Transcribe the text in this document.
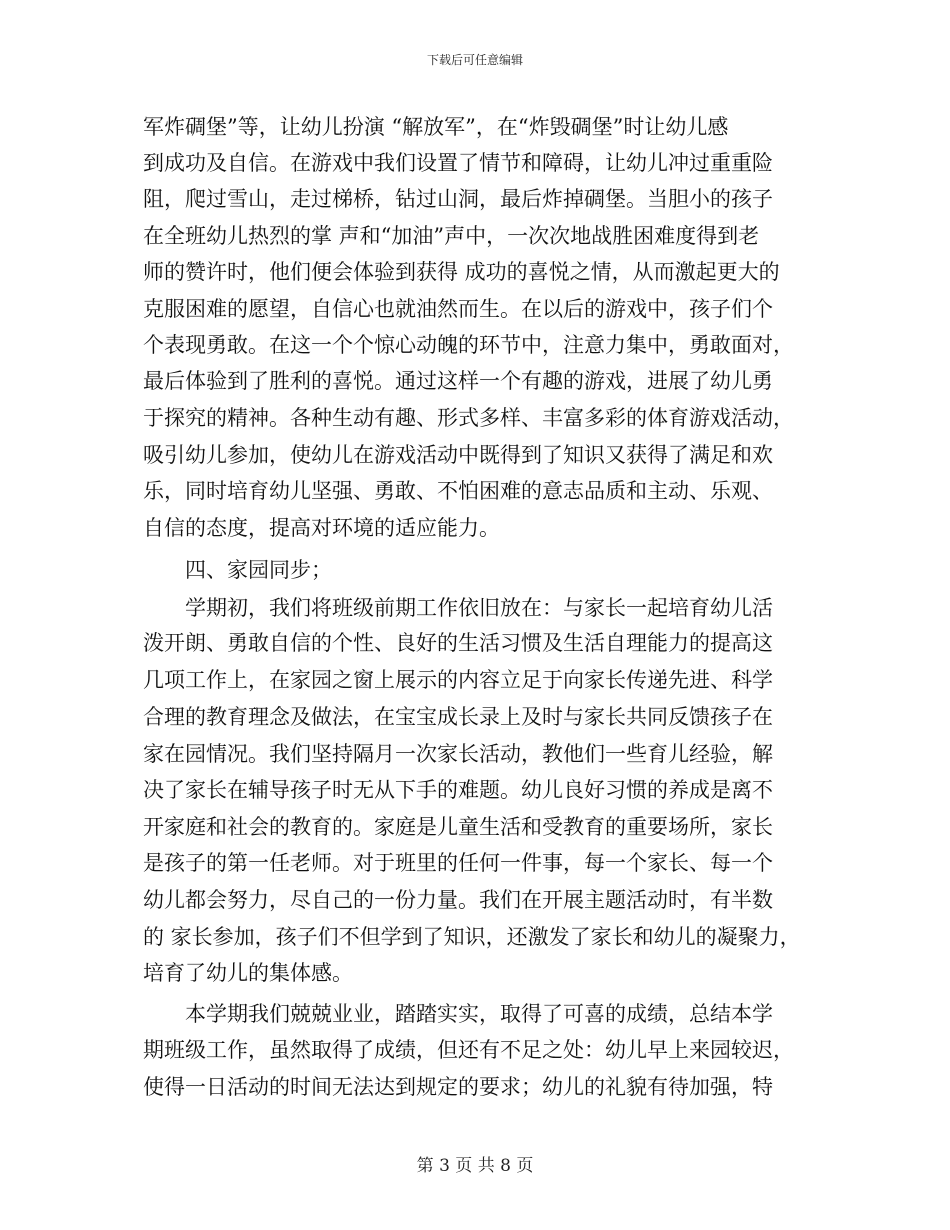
下载后可任意编辑
军炸碉堡”等，让幼儿扮演 “解放军”，在“炸毁碉堡”时让幼儿感
到成功及自信。在游戏中我们设置了情节和障碍，让幼儿冲过重重险
阻，爬过雪山，走过梯桥，钻过山洞，最后炸掉碉堡。当胆小的孩子
在全班幼儿热烈的掌 声和“加油”声中，一次次地战胜困难度得到老
师的赞许时，他们便会体验到获得 成功的喜悦之情，从而激起更大的
克服困难的愿望，自信心也就油然而生。在以后的游戏中，孩子们个
个表现勇敢。在这一个个惊心动魄的环节中，注意力集中，勇敢面对，
最后体验到了胜利的喜悦。通过这样一个有趣的游戏，进展了幼儿勇
于探究的精神。各种生动有趣、形式多样、丰富多彩的体育游戏活动，
吸引幼儿参加，使幼儿在游戏活动中既得到了知识又获得了满足和欢
乐，同时培育幼儿坚强、勇敢、不怕困难的意志品质和主动、乐观、
自信的态度，提高对环境的适应能力。
四、家园同步；
学期初，我们将班级前期工作依旧放在：与家长一起培育幼儿活
泼开朗、勇敢自信的个性、良好的生活习惯及生活自理能力的提高这
几项工作上，在家园之窗上展示的内容立足于向家长传递先进、科学
合理的教育理念及做法，在宝宝成长录上及时与家长共同反馈孩子在
家在园情况。我们坚持隔月一次家长活动，教他们一些育儿经验，解
决了家长在辅导孩子时无从下手的难题。幼儿良好习惯的养成是离不
开家庭和社会的教育的。家庭是儿童生活和受教育的重要场所，家长
是孩子的第一任老师。对于班里的任何一件事，每一个家长、每一个
幼儿都会努力，尽自己的一份力量。我们在开展主题活动时，有半数
的 家长参加，孩子们不但学到了知识，还激发了家长和幼儿的凝聚力，
培育了幼儿的集体感。
本学期我们兢兢业业，踏踏实实，取得了可喜的成绩，总结本学
期班级工作，虽然取得了成绩，但还有不足之处：幼儿早上来园较迟，
使得一日活动的时间无法达到规定的要求；幼儿的礼貌有待加强，特
第 3 页 共 8 页
